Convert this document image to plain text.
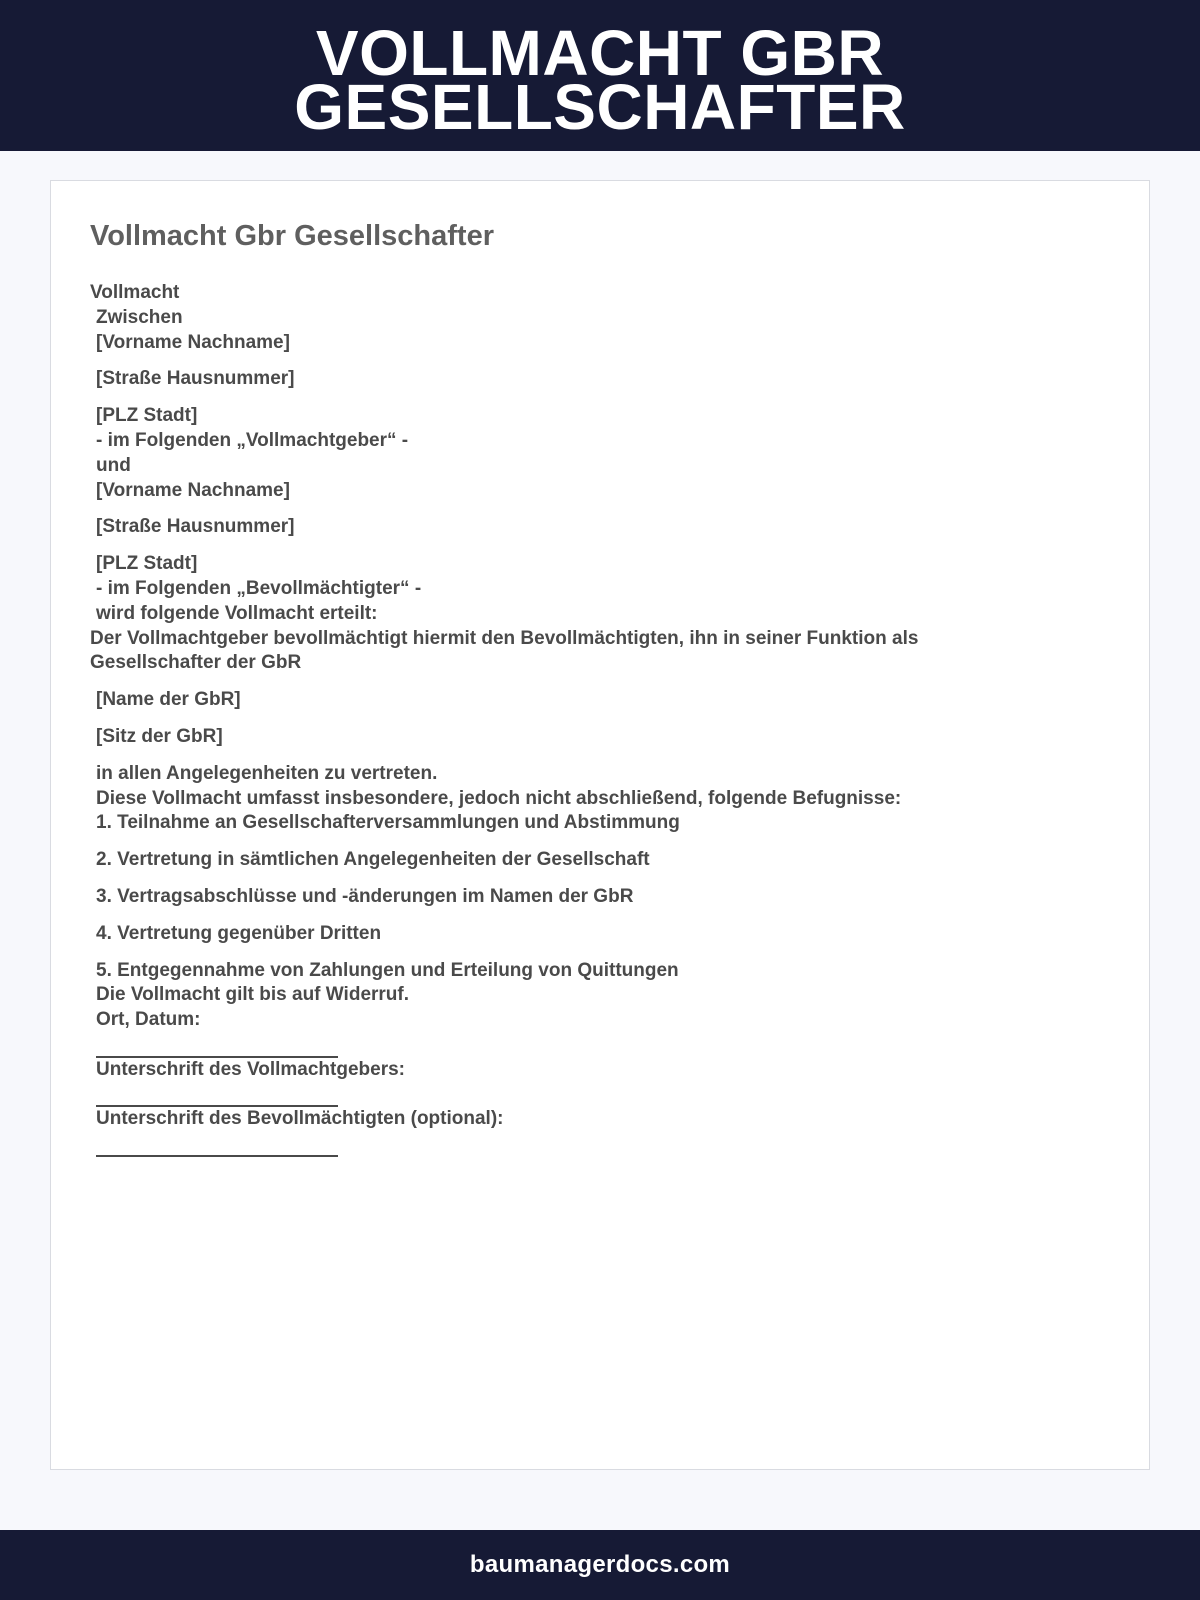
VOLLMACHT GBR
GESELLSCHAFTER
Vollmacht Gbr Gesellschafter
Vollmacht
Zwischen
[Vorname Nachname]
[Straße Hausnummer]
[PLZ Stadt]
- im Folgenden „Vollmachtgeber“ -
und
[Vorname Nachname]
[Straße Hausnummer]
[PLZ Stadt]
- im Folgenden „Bevollmächtigter“ -
wird folgende Vollmacht erteilt:
Der Vollmachtgeber bevollmächtigt hiermit den Bevollmächtigten, ihn in seiner Funktion als Gesellschafter der GbR
[Name der GbR]
[Sitz der GbR]
in allen Angelegenheiten zu vertreten.
Diese Vollmacht umfasst insbesondere, jedoch nicht abschließend, folgende Befugnisse:
1. Teilnahme an Gesellschafterversammlungen und Abstimmung
2. Vertretung in sämtlichen Angelegenheiten der Gesellschaft
3. Vertragsabschlüsse und -änderungen im Namen der GbR
4. Vertretung gegenüber Dritten
5. Entgegennahme von Zahlungen und Erteilung von Quittungen
Die Vollmacht gilt bis auf Widerruf.
Ort, Datum:
Unterschrift des Vollmachtgebers:
Unterschrift des Bevollmächtigten (optional):
baumanagerdocs.com
